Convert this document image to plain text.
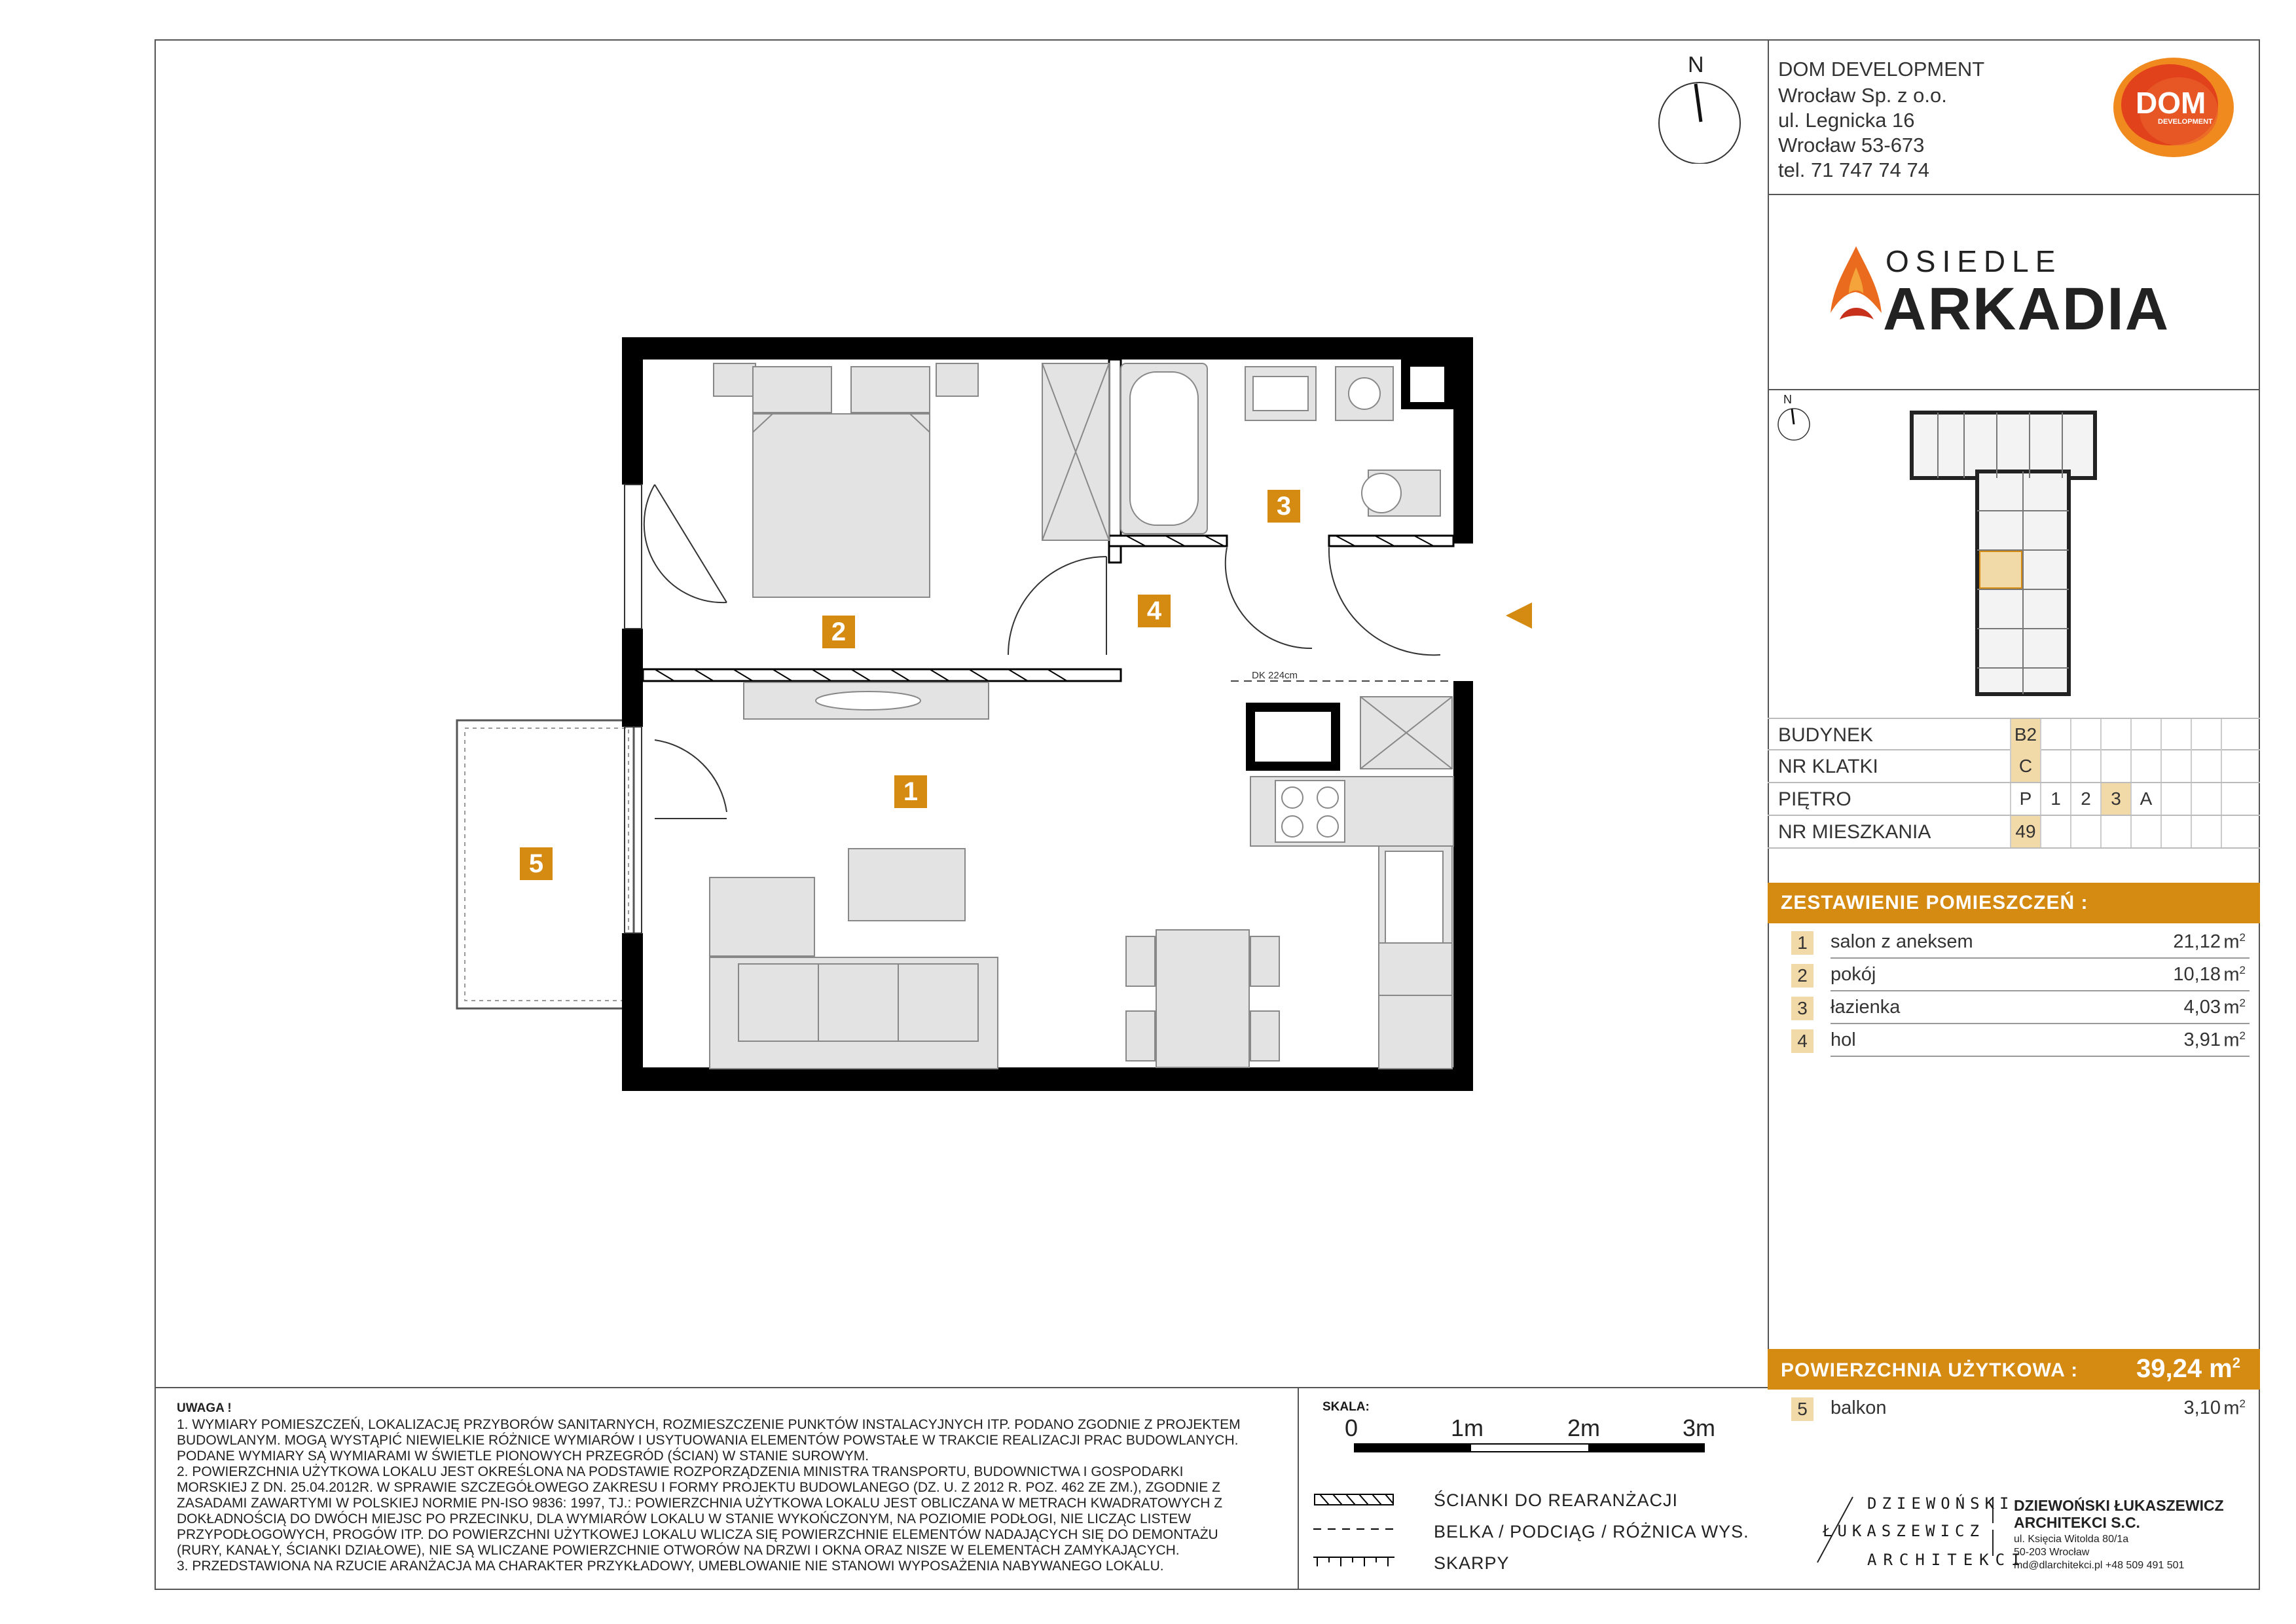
N	DOM DEVELOPMENT
Wrocław Sp. z o.o.
ul. Legnicka 16
Wrocław 53-673
tel. 71 747 74 74
DOM
DEVELOPMENT
OSIEDLE
ARKADIA
N
BUDYNEK	B2
NR KLATKI	C
PIĘTRO	P	1	2	3	A
NR MIESZKANIA	49
ZESTAWIENIE POMIESZCZEŃ :
1	salon z aneksem	21,12 $m^2$
2	pokój	10,18 $m^2$
3	łazienka	4,03 $m^2$
4	hol	3,91 $m^2$
POWIERZCHNIA UŻYTKOWA : 39,24 $m^2$
5	balkon	3,10 $m^2$
DK 224cm
1
2
3
4
5
UWAGA !
1. WYMIARY POMIESZCZEŃ, LOKALIZACJĘ PRZYBORÓW SANITARNYCH, ROZMIESZCZENIE PUNKTÓW INSTALACYJNYCH ITP. PODANO ZGODNIE Z PROJEKTEM
BUDOWLANYM. MOGĄ WYSTĄPIĆ NIEWIELKIE RÓŻNICE WYMIARÓW I USYTUOWANIA ELEMENTÓW POWSTAŁE W TRAKCIE REALIZACJI PRAC BUDOWLANYCH.
PODANE WYMIARY SĄ WYMIARAMI W ŚWIETLE PIONOWYCH PRZEGRÓD (ŚCIAN) W STANIE SUROWYM.
2. POWIERZCHNIA UŻYTKOWA LOKALU JEST OKREŚLONA NA PODSTAWIE ROZPORZĄDZENIA MINISTRA TRANSPORTU, BUDOWNICTWA I GOSPODARKI
MORSKIEJ Z DN. 25.04.2012R. W SPRAWIE SZCZEGÓŁOWEGO ZAKRESU I FORMY PROJEKTU BUDOWLANEGO (DZ. U. Z 2012 R. POZ. 462 ZE ZM.), ZGODNIE Z
ZASADAMI ZAWARTYMI W POLSKIEJ NORMIE PN-ISO 9836: 1997, TJ.: POWIERZCHNIA UŻYTKOWA LOKALU JEST OBLICZANA W METRACH KWADRATOWYCH Z
DOKŁADNOŚCIĄ DO DWÓCH MIEJSC PO PRZECINKU, DLA WYMIARÓW LOKALU W STANIE WYKOŃCZONYM, NA POZIOMIE PODŁOGI, NIE LICZĄC LISTEW
PRZYPODŁOGOWYCH, PROGÓW ITP. DO POWIERZCHNI UŻYTKOWEJ LOKALU WLICZA SIĘ POWIERZCHNIE ELEMENTÓW NADAJĄCYCH SIĘ DO DEMONTAŻU
(RURY, KANAŁY, ŚCIANKI DZIAŁOWE), NIE SĄ WLICZANE POWIERZCHNIE OTWORÓW NA DRZWI I OKNA ORAZ NISZE W ELEMENTACH ZAMYKAJĄCYCH.
3. PRZEDSTAWIONA NA RZUCIE ARANŻACJA MA CHARAKTER PRZYKŁADOWY, UMEBLOWANIE NIE STANOWI WYPOSAŻENIA NABYWANEGO LOKALU.
SKALA:
0	1m	2m	3m
ŚCIANKI DO REARANŻACJI
BELKA / PODCIĄG / RÓŻNICA WYS.
SKARPY
DZIEWOŃSKI
ŁUKASZEWICZ
ARCHITEKCI
DZIEWOŃSKI ŁUKASZEWICZ
ARCHITEKCI S.C.
ul. Księcia Witolda 80/1a
50-203 Wrocław
md@dlarchitekci.pl +48 509 491 501
